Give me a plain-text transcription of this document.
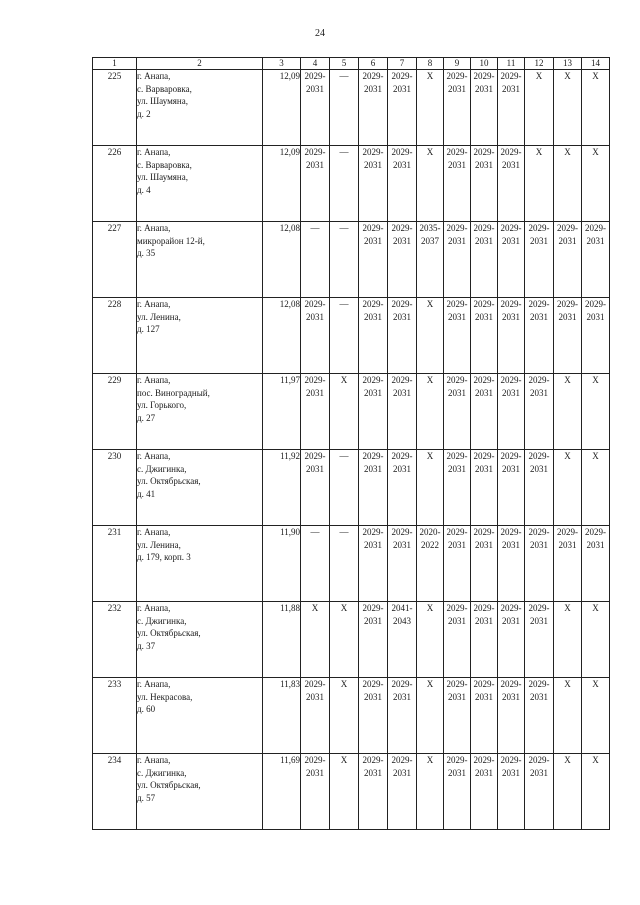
24
1	2	3	4	5	6	7	8	9	10	11	12	13	14
225	г. Анапа,
с. Варваровка,
ул. Шаумяна,
д. 2	12,09	2029-
2031	—	2029-
2031	2029-
2031	Х	2029-
2031	2029-
2031	2029-
2031	Х	Х	Х

226	г. Анапа,
с. Варваровка,
ул. Шаумяна,
д. 4	12,09	2029-
2031	—	2029-
2031	2029-
2031	Х	2029-
2031	2029-
2031	2029-
2031	Х	Х	Х

227	г. Анапа,
микрорайон 12-й,
д. 35	12,08	—	—	2029-
2031	2029-
2031	2035-
2037	2029-
2031	2029-
2031	2029-
2031	2029-
2031	2029-
2031	2029-
2031

228	г. Анапа,
ул. Ленина,
д. 127	12,08	2029-
2031	—	2029-
2031	2029-
2031	Х	2029-
2031	2029-
2031	2029-
2031	2029-
2031	2029-
2031	2029-
2031

229	г. Анапа,
пос. Виноградный,
ул. Горького,
д. 27	11,97	2029-
2031	Х	2029-
2031	2029-
2031	Х	2029-
2031	2029-
2031	2029-
2031	2029-
2031	Х	Х

230	г. Анапа,
с. Джигинка,
ул. Октябрьская,
д. 41	11,92	2029-
2031	—	2029-
2031	2029-
2031	Х	2029-
2031	2029-
2031	2029-
2031	2029-
2031	Х	Х

231	г. Анапа,
ул. Ленина,
д. 179, корп. 3	11,90	—	—	2029-
2031	2029-
2031	2020-
2022	2029-
2031	2029-
2031	2029-
2031	2029-
2031	2029-
2031	2029-
2031

232	г. Анапа,
с. Джигинка,
ул. Октябрьская,
д. 37	11,88	Х	Х	2029-
2031	2041-
2043	Х	2029-
2031	2029-
2031	2029-
2031	2029-
2031	Х	Х

233	г. Анапа,
ул. Некрасова,
д. 60	11,83	2029-
2031	Х	2029-
2031	2029-
2031	Х	2029-
2031	2029-
2031	2029-
2031	2029-
2031	Х	Х

234	г. Анапа,
с. Джигинка,
ул. Октябрьская,
д. 57	11,69	2029-
2031	Х	2029-
2031	2029-
2031	Х	2029-
2031	2029-
2031	2029-
2031	2029-
2031	Х	Х
